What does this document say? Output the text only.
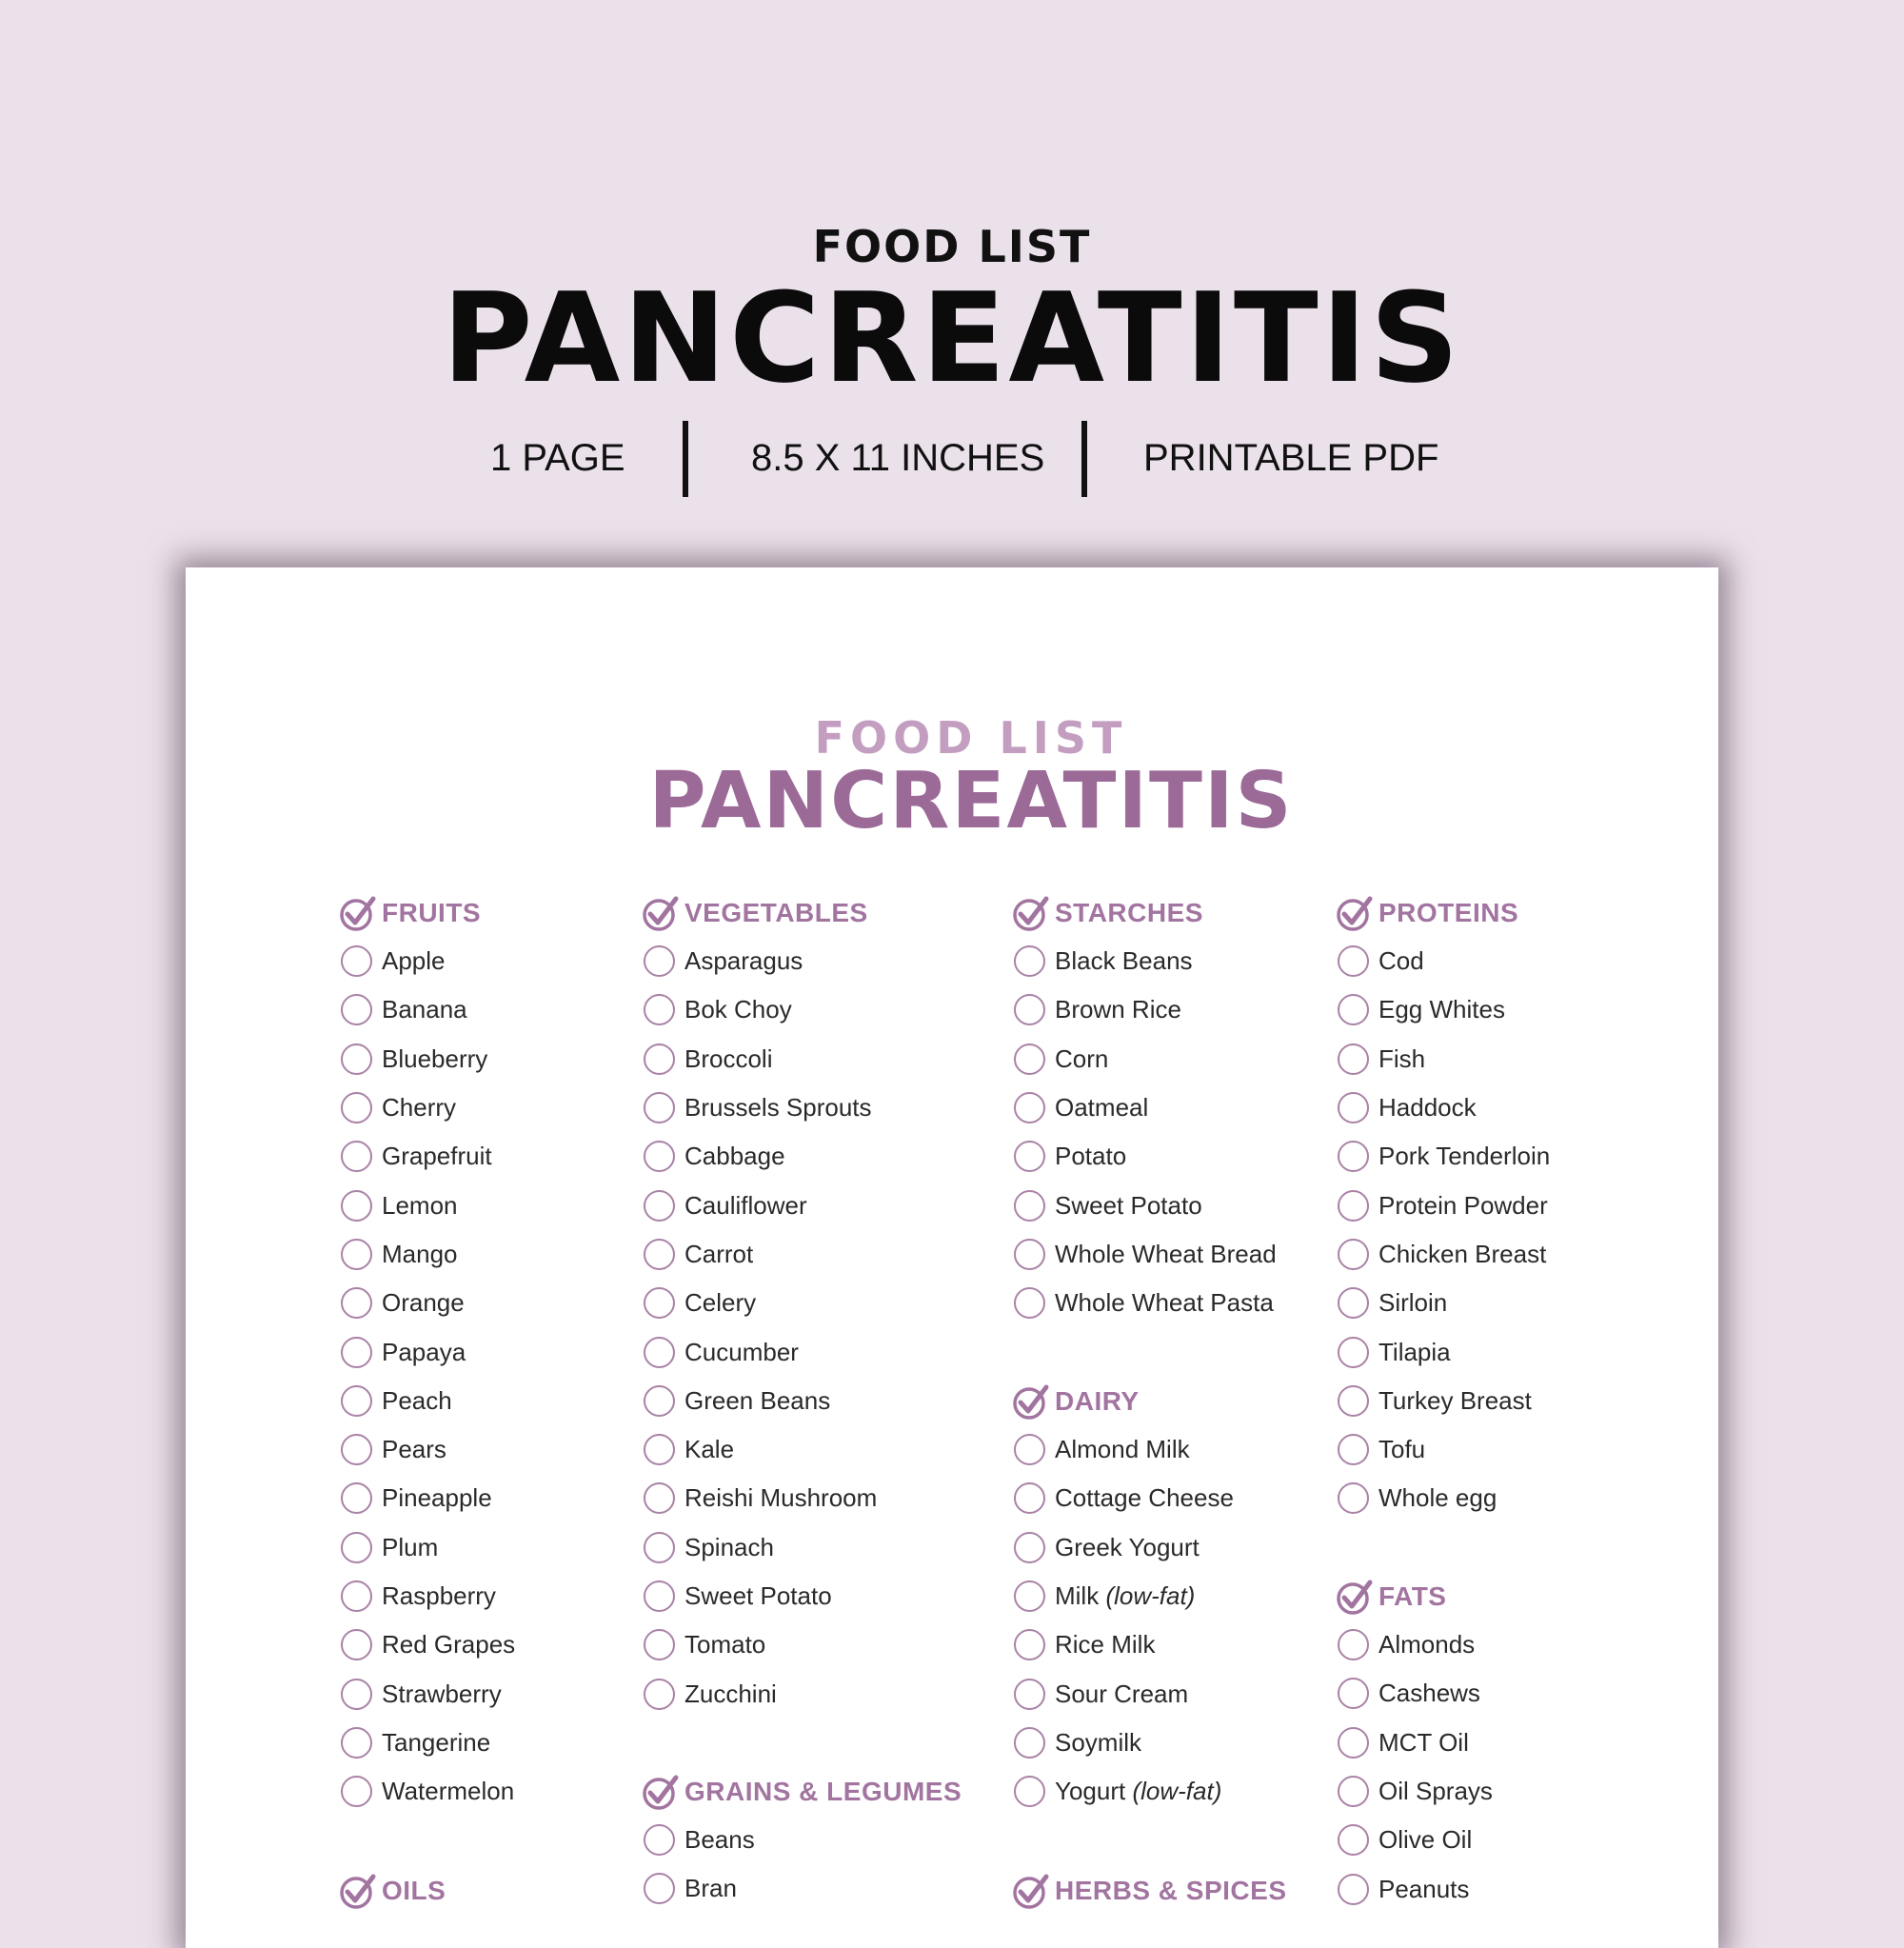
FOOD LIST
PANCREATITIS
1 PAGE	8.5 X 11 INCHES	PRINTABLE PDF
FOOD LIST
PANCREATITIS
FRUITS
Apple
Banana
Blueberry
Cherry
Grapefruit
Lemon
Mango
Orange
Papaya
Peach
Pears
Pineapple
Plum
Raspberry
Red Grapes
Strawberry
Tangerine
Watermelon
OILS
VEGETABLES
Asparagus
Bok Choy
Broccoli
Brussels Sprouts
Cabbage
Cauliflower
Carrot
Celery
Cucumber
Green Beans
Kale
Reishi Mushroom
Spinach
Sweet Potato
Tomato
Zucchini
GRAINS & LEGUMES
Beans
Bran
STARCHES
Black Beans
Brown Rice
Corn
Oatmeal
Potato
Sweet Potato
Whole Wheat Bread
Whole Wheat Pasta
DAIRY
Almond Milk
Cottage Cheese
Greek Yogurt
Milk (low-fat)
Rice Milk
Sour Cream
Soymilk
Yogurt (low-fat)
HERBS & SPICES
PROTEINS
Cod
Egg Whites
Fish
Haddock
Pork Tenderloin
Protein Powder
Chicken Breast
Sirloin
Tilapia
Turkey Breast
Tofu
Whole egg
FATS
Almonds
Cashews
MCT Oil
Oil Sprays
Olive Oil
Peanuts
